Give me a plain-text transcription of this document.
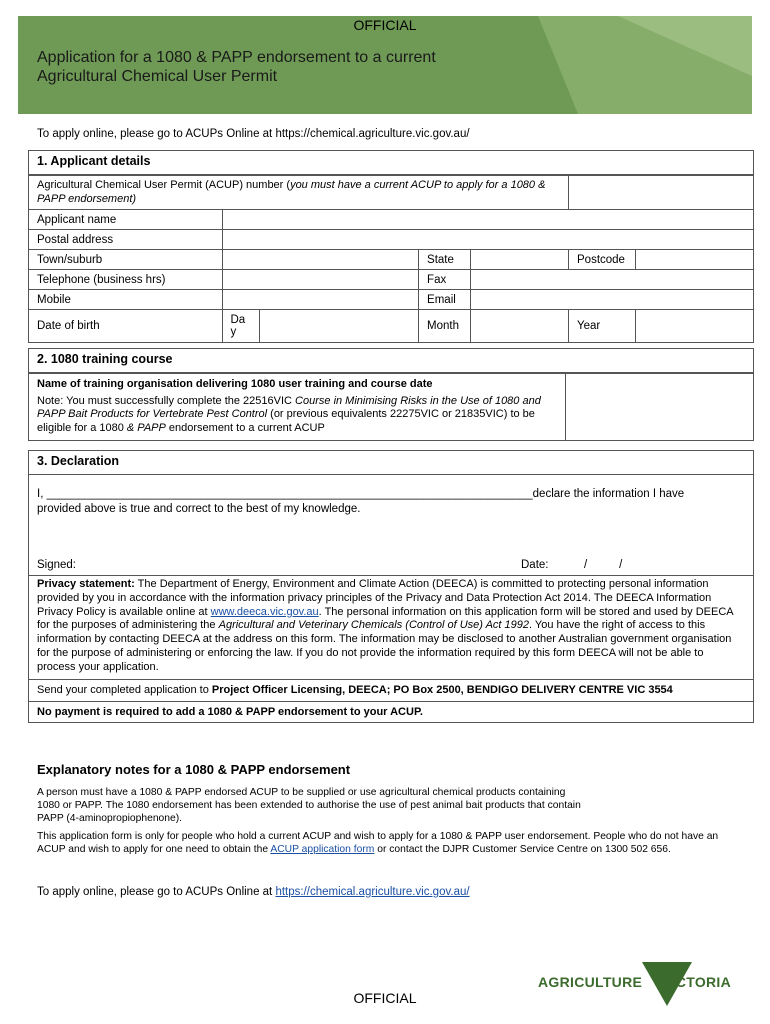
OFFICIAL
Application for a 1080 & PAPP endorsement to a current
Agricultural Chemical User Permit
To apply online, please go to ACUPs Online at https://chemical.agriculture.vic.gov.au/
1. Applicant details
Agricultural Chemical User Permit (ACUP) number (you must have a current ACUP to apply for a 1080 & PAPP endorsement)						
Applicant name						
Postal address						
Town/suburb			State		Postcode	
Telephone (business hrs)			Fax			
Mobile			Email			
Date of birth	Da y		Month		Year	
2. 1080 training course
Name of training organisation delivering 1080 user training and course date
Note: You must successfully complete the 22516VIC Course in Minimising Risks in the Use of 1080 and PAPP Bait Products for Vertebrate Pest Control (or previous equivalents 22275VIC or 21835VIC) to be eligible for a 1080 & PAPP endorsement to a current ACUP	
3. Declaration
I, ____________________________________________________________________________declare the information I have
provided above is true and correct to the best of my knowledge.
Signed:	Date:	/          /
Privacy statement: The Department of Energy, Environment and Climate Action (DEECA) is committed to protecting personal information provided by you in accordance with the information privacy principles of the Privacy and Data Protection Act 2014. The DEECA Information Privacy Policy is available online at www.deeca.vic.gov.au. The personal information on this application form will be stored and used by DEECA for the purposes of administering the Agricultural and Veterinary Chemicals (Control of Use) Act 1992. You have the right of access to this information by contacting DEECA at the address on this form. The information may be disclosed to another Australian government organisation for the purpose of administering or enforcing the law. If you do not provide the information required by this form DEECA will not be able to process your application.
Send your completed application to Project Officer Licensing, DEECA; PO Box 2500, BENDIGO DELIVERY CENTRE VIC 3554
No payment is required to add a 1080 & PAPP endorsement to your ACUP.
Explanatory notes for a 1080 & PAPP endorsement
A person must have a 1080 & PAPP endorsed ACUP to be supplied or use agricultural chemical products containing
1080 or PAPP. The 1080 endorsement has been extended to authorise the use of pest animal bait products that contain
PAPP (4-aminopropiophenone).
This application form is only for people who hold a current ACUP and wish to apply for a 1080 & PAPP user endorsement. People who do not have an ACUP and wish to apply for one need to obtain the ACUP application form or contact the DJPR Customer Service Centre on 1300 502 656.
To apply online, please go to ACUPs Online at https://chemical.agriculture.vic.gov.au/
AGRICULTURE VICTORIA
OFFICIAL
